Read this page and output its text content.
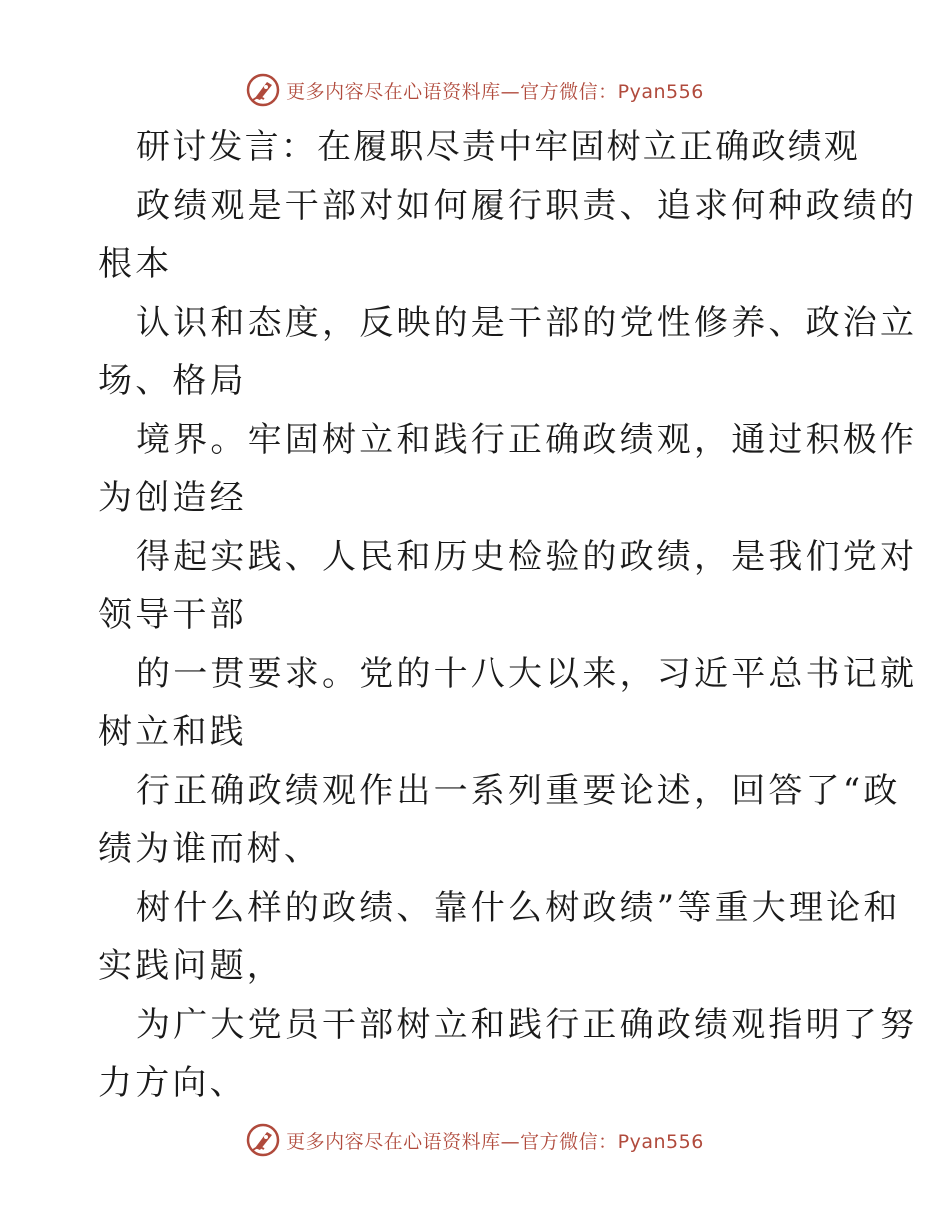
更多内容尽在心语资料库—官方微信：Pyan556
研讨发言：在履职尽责中牢固树立正确政绩观
政绩观是干部对如何履行职责、追求何种政绩的
根本
认识和态度，反映的是干部的党性修养、政治立
场、格局
境界。牢固树立和践行正确政绩观，通过积极作
为创造经
得起实践、人民和历史检验的政绩，是我们党对
领导干部
的一贯要求。党的十八大以来，习近平总书记就
树立和践
行正确政绩观作出一系列重要论述，回答了“政
绩为谁而树、
树什么样的政绩、靠什么树政绩”等重大理论和
实践问题，
为广大党员干部树立和践行正确政绩观指明了努
力方向、
更多内容尽在心语资料库—官方微信：Pyan556
